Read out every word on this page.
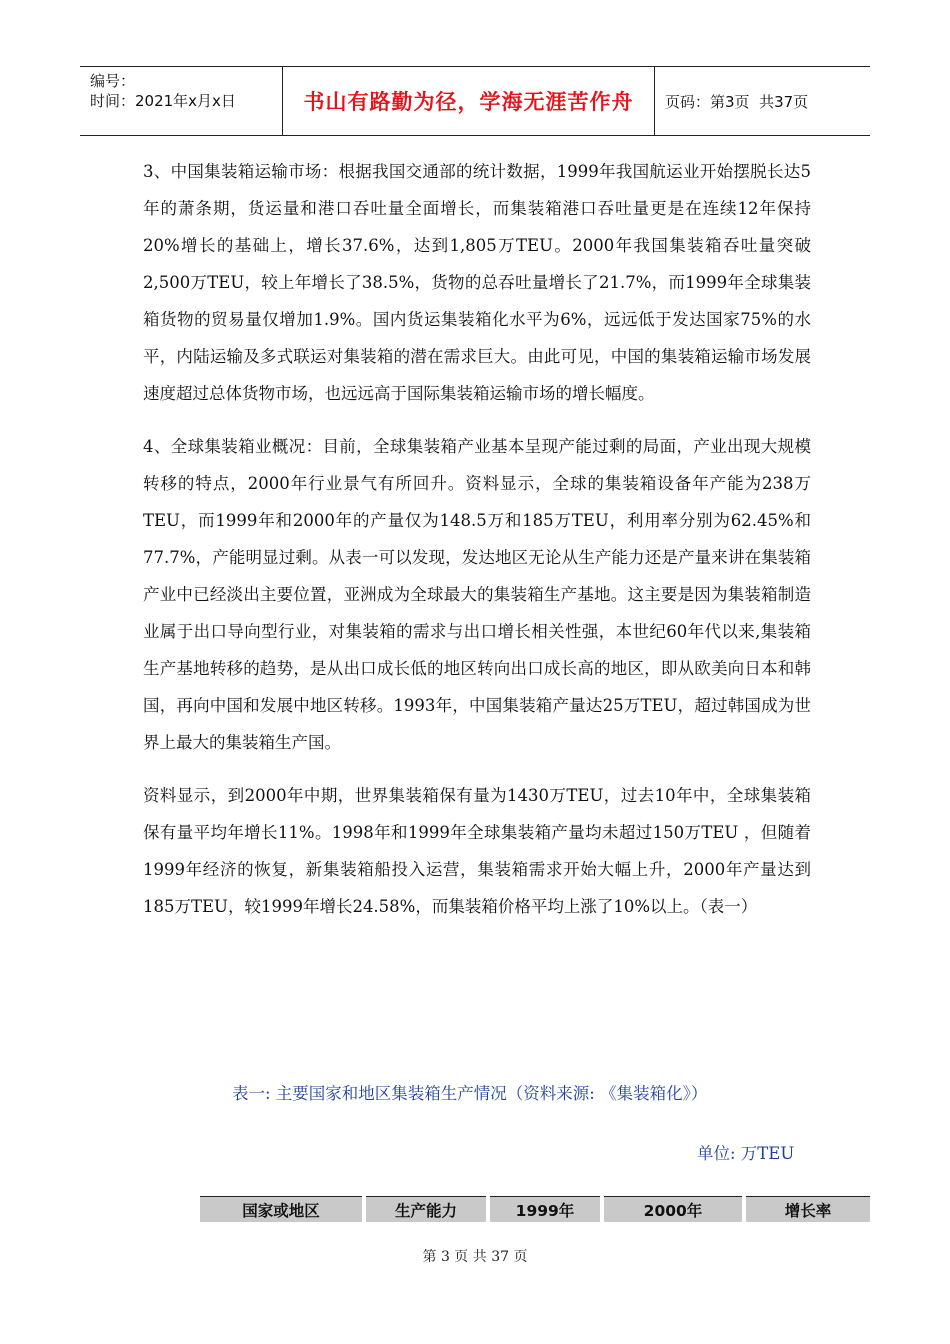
编号：
时间：2021年x月x日	书山有路勤为径，学海无涯苦作舟	页码：第3页  共37页

3、中国集装箱运输市场：根据我国交通部的统计数据，1999年我国航运业开始摆脱长达5年的萧条期，货运量和港口吞吐量全面增长，而集装箱港口吞吐量更是在连续12年保持20%增长的基础上，增长37.6%，达到1,805万TEU。2000年我国集装箱吞吐量突破2,500万TEU，较上年增长了38.5%，货物的总吞吐量增长了21.7%，而1999年全球集装箱货物的贸易量仅增加1.9%。国内货运集装箱化水平为6%，远远低于发达国家75%的水平，内陆运输及多式联运对集装箱的潜在需求巨大。由此可见，中国的集装箱运输市场发展速度超过总体货物市场，也远远高于国际集装箱运输市场的增长幅度。

4、全球集装箱业概况：目前，全球集装箱产业基本呈现产能过剩的局面，产业出现大规模转移的特点，2000年行业景气有所回升。资料显示，全球的集装箱设备年产能为238万TEU，而1999年和2000年的产量仅为148.5万和185万TEU，利用率分别为62.45%和77.7%，产能明显过剩。从表一可以发现，发达地区无论从生产能力还是产量来讲在集装箱产业中已经淡出主要位置，亚洲成为全球最大的集装箱生产基地。这主要是因为集装箱制造业属于出口导向型行业，对集装箱的需求与出口增长相关性强，本世纪60年代以来,集装箱生产基地转移的趋势，是从出口成长低的地区转向出口成长高的地区，即从欧美向日本和韩国，再向中国和发展中地区转移。1993年，中国集装箱产量达25万TEU，超过韩国成为世界上最大的集装箱生产国。

资料显示，到2000年中期，世界集装箱保有量为1430万TEU，过去10年中，全球集装箱保有量平均年增长11%。1998年和1999年全球集装箱产量均未超过150万TEU ，但随着1999年经济的恢复，新集装箱船投入运营，集装箱需求开始大幅上升，2000年产量达到185万TEU，较1999年增长24.58%，而集装箱价格平均上涨了10%以上。（表一）

表一: 主要国家和地区集装箱生产情况（资料来源: 《集装箱化》）
单位: 万TEU
国家或地区	生产能力	1999年	2000年	增长率
第 3 页 共 37 页
